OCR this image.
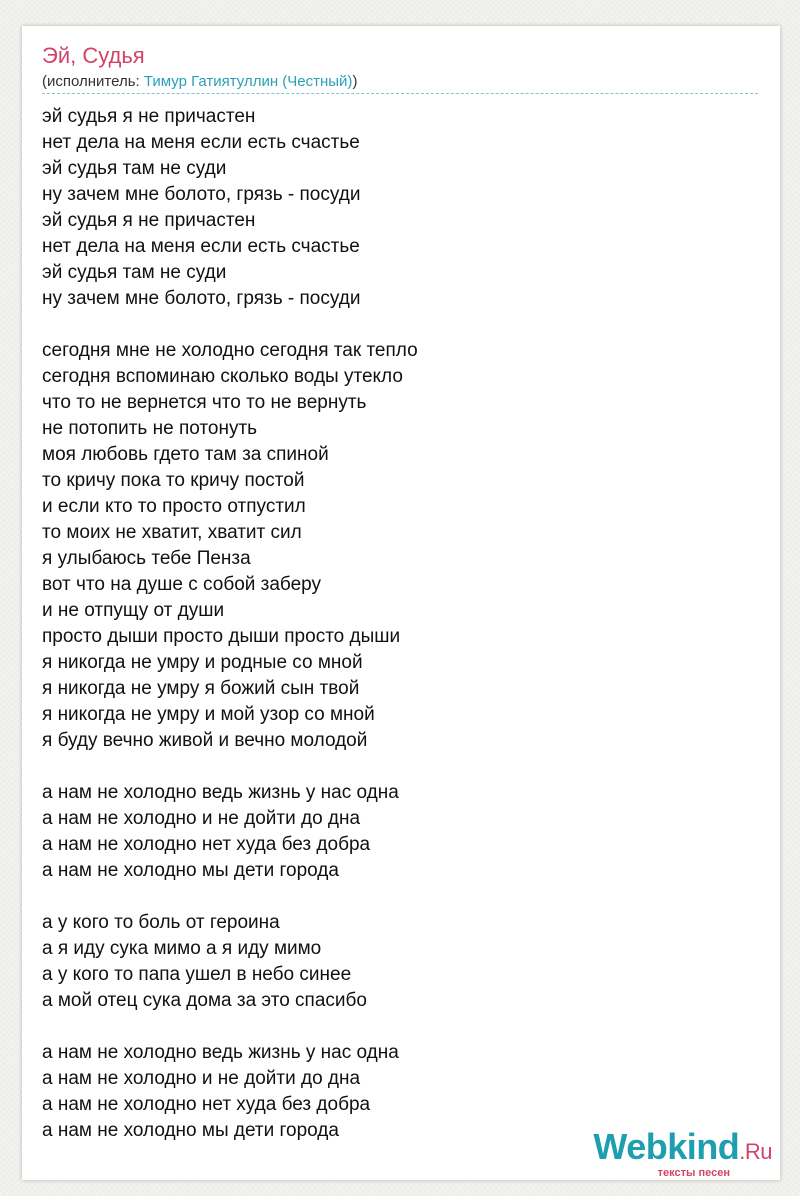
Эй, Судья
(исполнитель: Тимур Гатиятуллин (Честный))
эй судья я не причастен
нет дела на меня если есть счастье
эй судья там не суди
ну зачем мне болото, грязь - посуди
эй судья я не причастен
нет дела на меня если есть счастье
эй судья там не суди
ну зачем мне болото, грязь - посуди
сегодня мне не холодно сегодня так тепло
сегодня вспоминаю сколько воды утекло
что то не вернется что то не вернуть
не потопить не потонуть
моя любовь гдето там за спиной
то кричу пока то кричу постой
и если кто то просто отпустил
то моих не хватит, хватит сил
я улыбаюсь тебе Пенза
вот что на душе с собой заберу
и не отпущу от души
просто дыши просто дыши просто дыши
я никогда не умру и родные со мной
я никогда не умру я божий сын твой
я никогда не умру и мой узор со мной
я буду вечно живой и вечно молодой
а нам не холодно ведь жизнь у нас одна
а нам не холодно и не дойти до дна
а нам не холодно нет худа без добра
а нам не холодно мы дети города
а у кого то боль от героина
а я иду сука мимо а я иду мимо
а у кого то папа ушел в небо синее
а мой отец сука дома за это спасибо
а нам не холодно ведь жизнь у нас одна
а нам не холодно и не дойти до дна
а нам не холодно нет худа без добра
а нам не холодно мы дети города	Webkind.Ru
тексты песен
